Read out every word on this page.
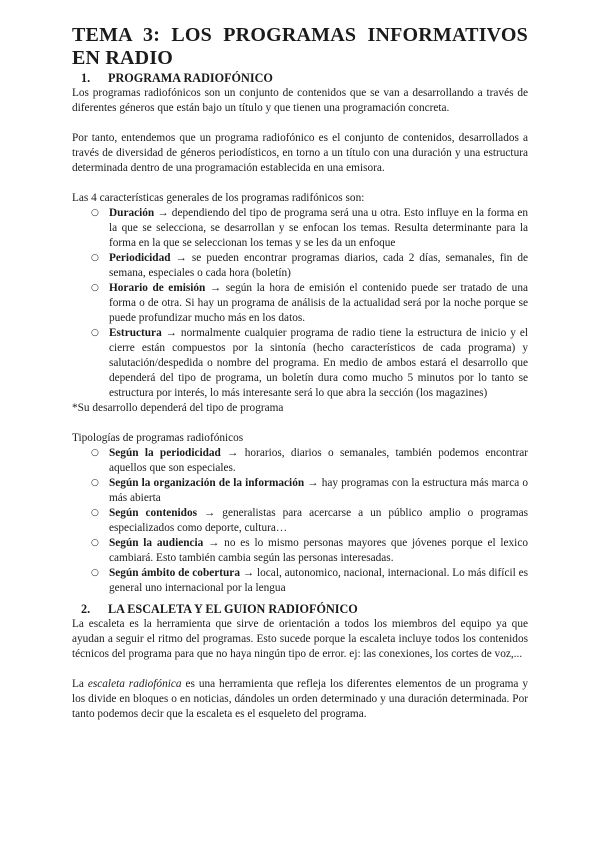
TEMA 3: LOS PROGRAMAS INFORMATIVOS EN RADIO
1. PROGRAMA RADIOFÓNICO

Los programas radiofónicos son un conjunto de contenidos que se van a desarrollando a través de diferentes géneros que están bajo un título y que tienen una programación concreta.

Por tanto, entendemos que un programa radiofónico es el conjunto de contenidos, desarrollados a través de diversidad de géneros periodísticos, en torno a un título con una duración y una estructura determinada dentro de una programación establecida en una emisora.

Las 4 características generales de los programas radifónicos son:

○ Duración → dependiendo del tipo de programa será una u otra. Esto influye en la forma en la que se selecciona, se desarrollan y se enfocan los temas. Resulta determinante para la forma en la que se seleccionan los temas y se les da un enfoque
○ Periodicidad → se pueden encontrar programas diarios, cada 2 días, semanales, fin de semana, especiales o cada hora (boletín)
○ Horario de emisión → según la hora de emisión el contenido puede ser tratado de una forma o de otra. Si hay un programa de análisis de la actualidad será por la noche porque se puede profundizar mucho más en los datos.
○ Estructura → normalmente cualquier programa de radio tiene la estructura de inicio y el cierre están compuestos por la sintonía (hecho característicos de cada programa) y salutación/despedida o nombre del programa. En medio de ambos estará el desarrollo que dependerá del tipo de programa, un boletín dura como mucho 5 minutos por lo tanto se estructura por interés, lo más interesante será lo que abra la sección (los magazines)

*Su desarrollo dependerá del tipo de programa

Tipologías de programas radiofónicos

○ Según la periodicidad → horarios, diarios o semanales, también podemos encontrar aquellos que son especiales.
○ Según la organización de la información → hay programas con la estructura más marca o más abierta
○ Según contenidos → generalistas para acercarse a un público amplio o programas especializados como deporte, cultura…
○ Según la audiencia → no es lo mismo personas mayores que jóvenes porque el lexico cambiará. Esto también cambia según las personas interesadas.
○ Según ámbito de cobertura → local, autonomico, nacional, internacional. Lo más difícil es general uno internacional por la lengua
2. LA ESCALETA Y EL GUION RADIOFÓNICO

La escaleta es la herramienta que sirve de orientación a todos los miembros del equipo ya que ayudan a seguir el ritmo del programas. Esto sucede porque la escaleta incluye todos los contenidos técnicos del programa para que no haya ningún tipo de error. ej: las conexiones, los cortes de voz,...

La escaleta radiofónica es una herramienta que refleja los diferentes elementos de un programa y los divide en bloques o en noticias, dándoles un orden determinado y una duración determinada. Por tanto podemos decir que la escaleta es el esqueleto del programa.
